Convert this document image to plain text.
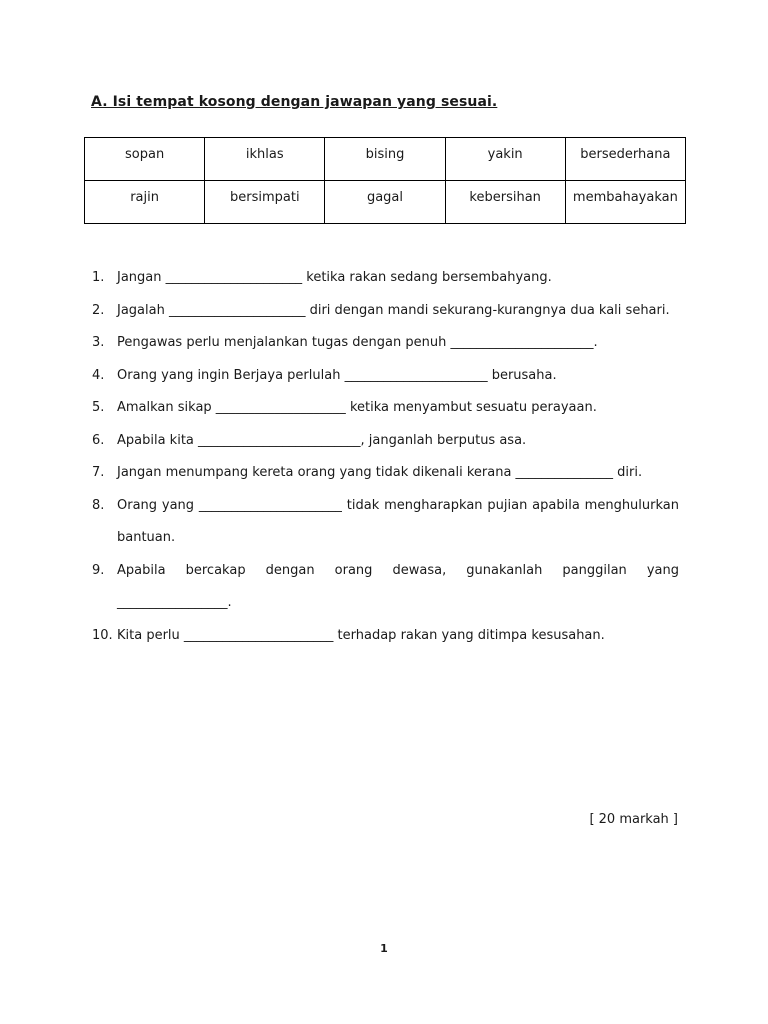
A. Isi tempat kosong dengan jawapan yang sesuai.
sopan	ikhlas	bising	yakin	bersederhana
rajin	bersimpati	gagal	kebersihan	membahayakan
1. Jangan _____________________ ketika rakan sedang bersembahyang.
2. Jagalah _____________________ diri dengan mandi sekurang-kurangnya dua kali sehari.
3. Pengawas perlu menjalankan tugas dengan penuh ______________________.
4. Orang yang ingin Berjaya perlulah ______________________ berusaha.
5. Amalkan sikap ____________________ ketika menyambut sesuatu perayaan.
6. Apabila kita _________________________, janganlah berputus asa.
7. Jangan menumpang kereta orang yang tidak dikenali kerana _______________ diri.
8. Orang yang ______________________ tidak mengharapkan pujian apabila menghulurkan bantuan.
9. Apabila bercakap dengan orang dewasa, gunakanlah panggilan yang _________________.
10. Kita perlu _______________________ terhadap rakan yang ditimpa kesusahan.
[ 20 markah ]
1
